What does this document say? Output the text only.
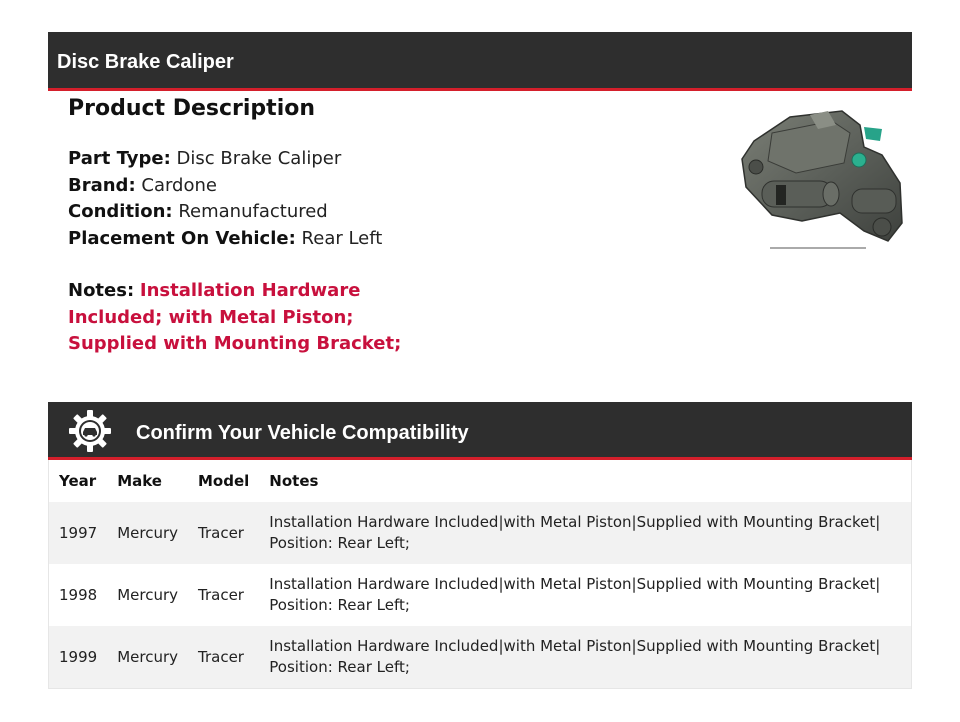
Disc Brake Caliper
Product Description
Part Type: Disc Brake Caliper
Brand: Cardone
Condition: Remanufactured
Placement On Vehicle: Rear Left
Notes: Installation Hardware Included; with Metal Piston; Supplied with Mounting Bracket;
Confirm Your Vehicle Compatibility
Year	Make	Model	Notes
1997	Mercury	Tracer	Installation Hardware Included|with Metal Piston|Supplied with Mounting Bracket| Position: Rear Left;
1998	Mercury	Tracer	Installation Hardware Included|with Metal Piston|Supplied with Mounting Bracket| Position: Rear Left;
1999	Mercury	Tracer	Installation Hardware Included|with Metal Piston|Supplied with Mounting Bracket| Position: Rear Left;
